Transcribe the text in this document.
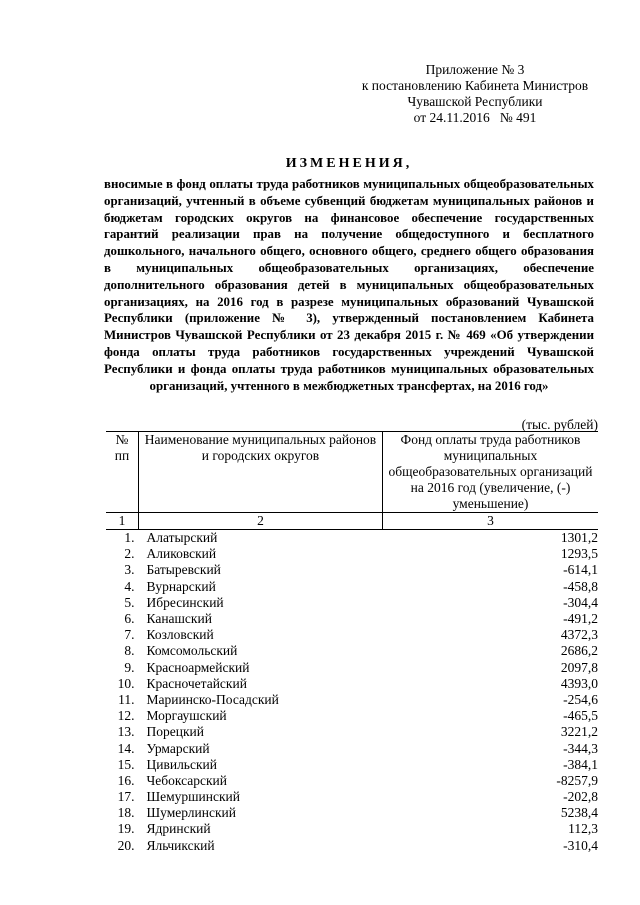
Приложение № 3
к постановлению Кабинета Министров
Чувашской Республики
от 24.11.2016   № 491
ИЗМЕНЕНИЯ,
вносимые в фонд оплаты труда работников муниципальных общеобразовательных организаций, учтенный в объеме субвенций бюджетам муниципальных районов и бюджетам городских округов на финансовое обеспечение государственных гарантий реализации прав на получение общедоступного и бесплатного дошкольного, начального общего, основного общего, среднего общего образования в муниципальных общеобразовательных организациях, обеспечение дополнительного образования детей в муниципальных общеобразовательных организациях, на 2016 год в разрезе муниципальных образований Чувашской Республики (приложение № 3), утвержденный постановлением Кабинета Министров Чувашской Республики от 23 декабря 2015 г. № 469 «Об утверждении фонда оплаты труда работников государственных учреждений Чувашской Республики и фонда оплаты труда работников муниципальных образовательных организаций, учтенного в межбюджетных трансфертах, на 2016 год»
(тыс. рублей)
№ пп	Наименование муниципальных районов и городских округов	Фонд оплаты труда работников муниципальных общеобразовательных организаций на 2016 год (увеличение, (-) уменьшение)
1	2	3
1.	Алатырский	1301,2
2.	Аликовский	1293,5
3.	Батыревский	-614,1
4.	Вурнарский	-458,8
5.	Ибресинский	-304,4
6.	Канашский	-491,2
7.	Козловский	4372,3
8.	Комсомольский	2686,2
9.	Красноармейский	2097,8
10.	Красночетайский	4393,0
11.	Мариинско-Посадский	-254,6
12.	Моргаушский	-465,5
13.	Порецкий	3221,2
14.	Урмарский	-344,3
15.	Цивильский	-384,1
16.	Чебоксарский	-8257,9
17.	Шемуршинский	-202,8
18.	Шумерлинский	5238,4
19.	Ядринский	112,3
20.	Яльчикский	-310,4
